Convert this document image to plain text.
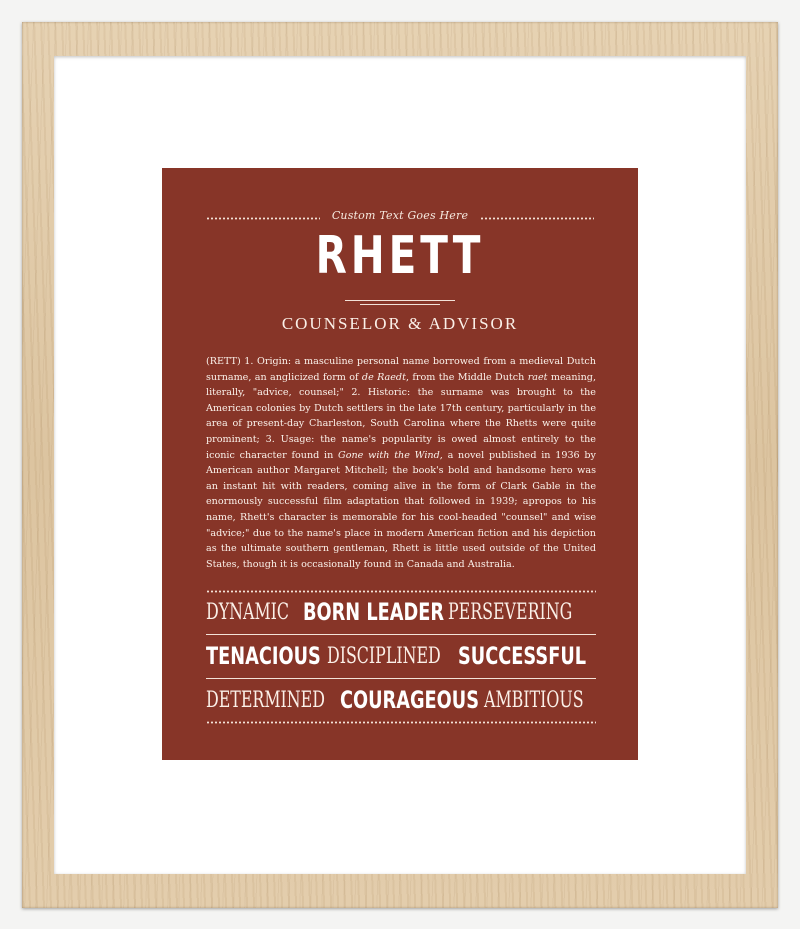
Custom Text Goes Here
RHETT
COUNSELOR & ADVISOR
(RETT) 1. Origin: a masculine personal name borrowed from a medieval Dutch surname, an anglicized form of de Raedt, from the Middle Dutch raet meaning, literally, "advice, counsel;" 2. Historic: the surname was brought to the American colonies by Dutch settlers in the late 17th century, particularly in the area of present-day Charleston, South Carolina where the Rhetts were quite prominent; 3. Usage: the name's popularity is owed almost entirely to the iconic character found in Gone with the Wind, a novel published in 1936 by American author Margaret Mitchell; the book's bold and handsome hero was an instant hit with readers, coming alive in the form of Clark Gable in the enormously successful film adaptation that followed in 1939; apropos to his name, Rhett's character is memorable for his cool-headed "counsel" and wise "advice;" due to the name's place in modern American fiction and his depiction as the ultimate southern gentleman, Rhett is little used outside of the United States, though it is occasionally found in Canada and Australia.
DYNAMIC BORN LEADER PERSEVERING
TENACIOUS DISCIPLINED SUCCESSFUL
DETERMINED COURAGEOUS AMBITIOUS
